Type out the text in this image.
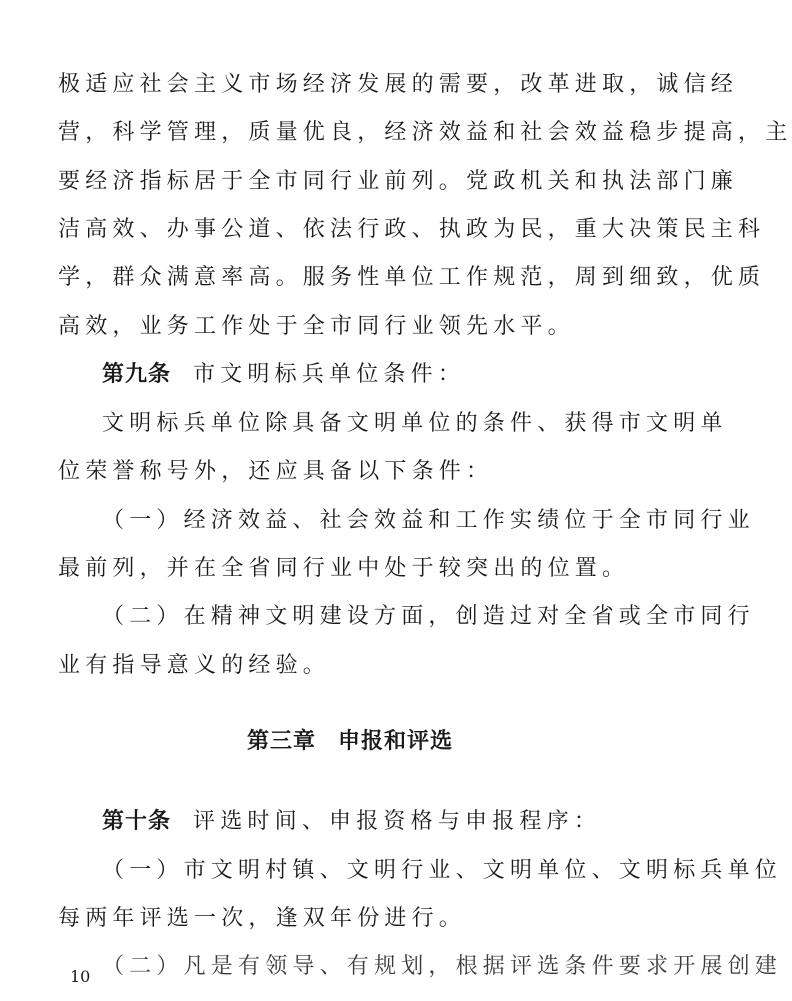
极适应社会主义市场经济发展的需要，改革进取，诚信经
营，科学管理，质量优良，经济效益和社会效益稳步提高，主
要经济指标居于全市同行业前列。党政机关和执法部门廉
洁高效、办事公道、依法行政、执政为民，重大决策民主科
学，群众满意率高。服务性单位工作规范，周到细致，优质
高效，业务工作处于全市同行业领先水平。
第九条 市文明标兵单位条件：
文明标兵单位除具备文明单位的条件、获得市文明单
位荣誉称号外，还应具备以下条件：
（一）经济效益、社会效益和工作实绩位于全市同行业
最前列，并在全省同行业中处于较突出的位置。
（二）在精神文明建设方面，创造过对全省或全市同行
业有指导意义的经验。
第三章 申报和评选
第十条 评选时间、申报资格与申报程序：
（一）市文明村镇、文明行业、文明单位、文明标兵单位
每两年评选一次，逢双年份进行。
（二）凡是有领导、有规划，根据评选条件要求开展创建
10
